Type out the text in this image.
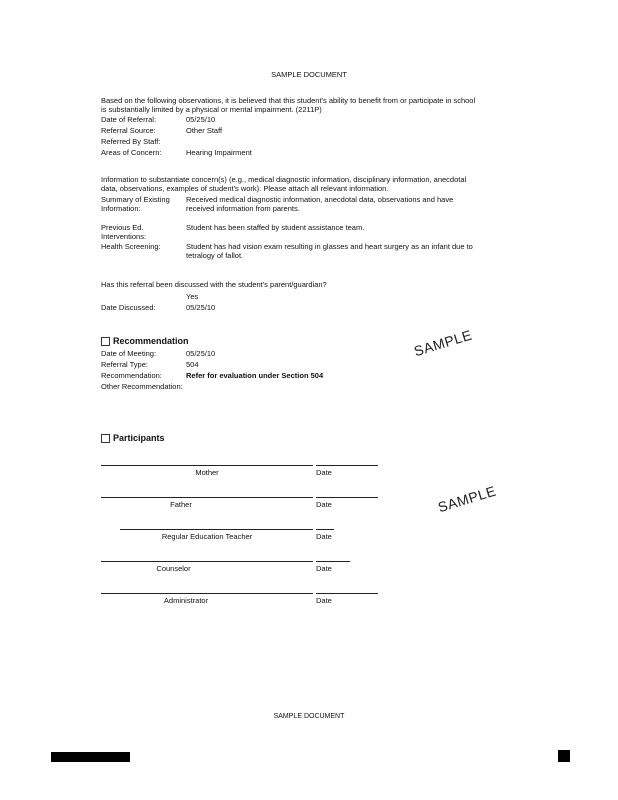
SAMPLE DOCUMENT
Based on the following observations, it is believed that this student's ability to benefit from or participate in school is substantially limited by a physical or mental impairment. (2211P)
Date of Referral:	05/25/10
Referral Source:	Other Staff
Referred By Staff:
Areas of Concern:	Hearing Impairment
Information to substantiate concern(s) (e.g., medical diagnostic information, disciplinary information, anecdotal data, observations, examples of student's work). Please attach all relevant information.
Summary of Existing Information:
Received medical diagnostic information, anecdotal data, observations and have received information from parents.
Previous Ed. Interventions:
Student has been staffed by student assistance team.
Health Screening:	Student has had vision exam resulting in glasses and heart surgery as an infant due to tetralogy of fallot.
Has this referral been discussed with the student's parent/guardian?
Yes
Date Discussed:	05/25/10
Recommendation
Date of Meeting:	05/25/10
Referral Type:	504
Recommendation:	Refer for evaluation under Section 504
Other Recommendation:
SAMPLE
SAMPLE
Participants
Mother	Date
Father	Date
Regular Education Teacher	Date
Counselor	Date
Administrator	Date
SAMPLE DOCUMENT
